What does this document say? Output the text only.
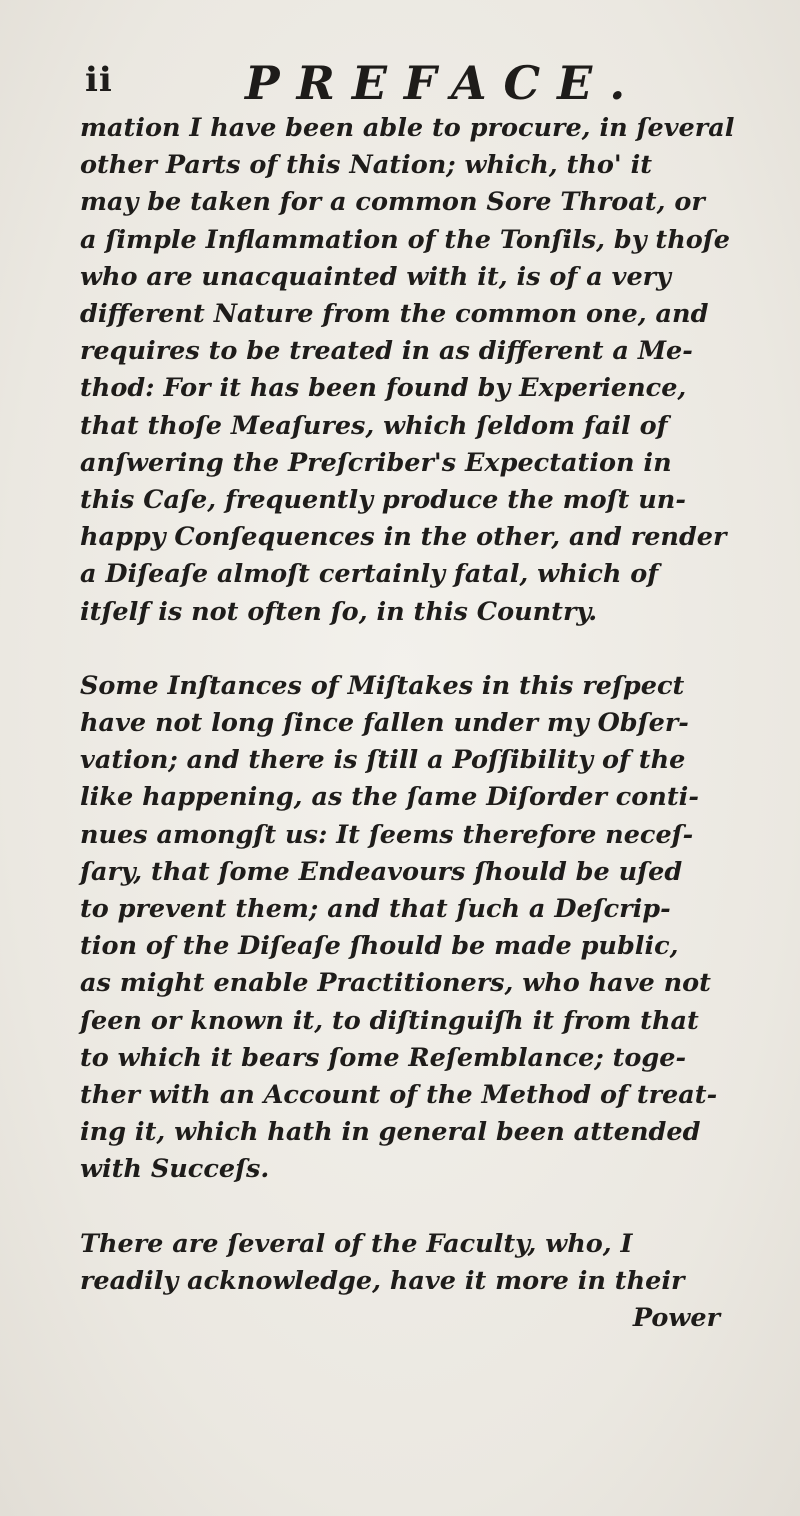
ii	PREFACE.
mation I have been able to procure, in ſeveral
other Parts of this Nation; which, tho' it
may be taken for a common Sore Throat, or
a ſimple Inflammation of the Tonſils, by thoſe
who are unacquainted with it, is of a very
different Nature from the common one, and
requires to be treated in as different a Me-
thod: For it has been found by Experience,
that thoſe Meaſures, which ſeldom fail of
anſwering the Preſcriber's Expectation in
this Caſe, frequently produce the moſt un-
happy Conſequences in the other, and render
a Diſeaſe almoſt certainly fatal, which of
itſelf is not often ſo, in this Country.
Some Inſtances of Miſtakes in this reſpect
have not long ſince fallen under my Obſer-
vation; and there is ſtill a Poſſibility of the
like happening, as the ſame Diſorder conti-
nues amongſt us: It ſeems therefore neceſ-
ſary, that ſome Endeavours ſhould be uſed
to prevent them; and that ſuch a Deſcrip-
tion of the Diſeaſe ſhould be made public,
as might enable Practitioners, who have not
ſeen or known it, to diſtinguiſh it from that
to which it bears ſome Reſemblance; toge-
ther with an Account of the Method of treat-
ing it, which hath in general been attended
with Succeſs.
There are ſeveral of the Faculty, who, I
readily acknowledge, have it more in their
Power
